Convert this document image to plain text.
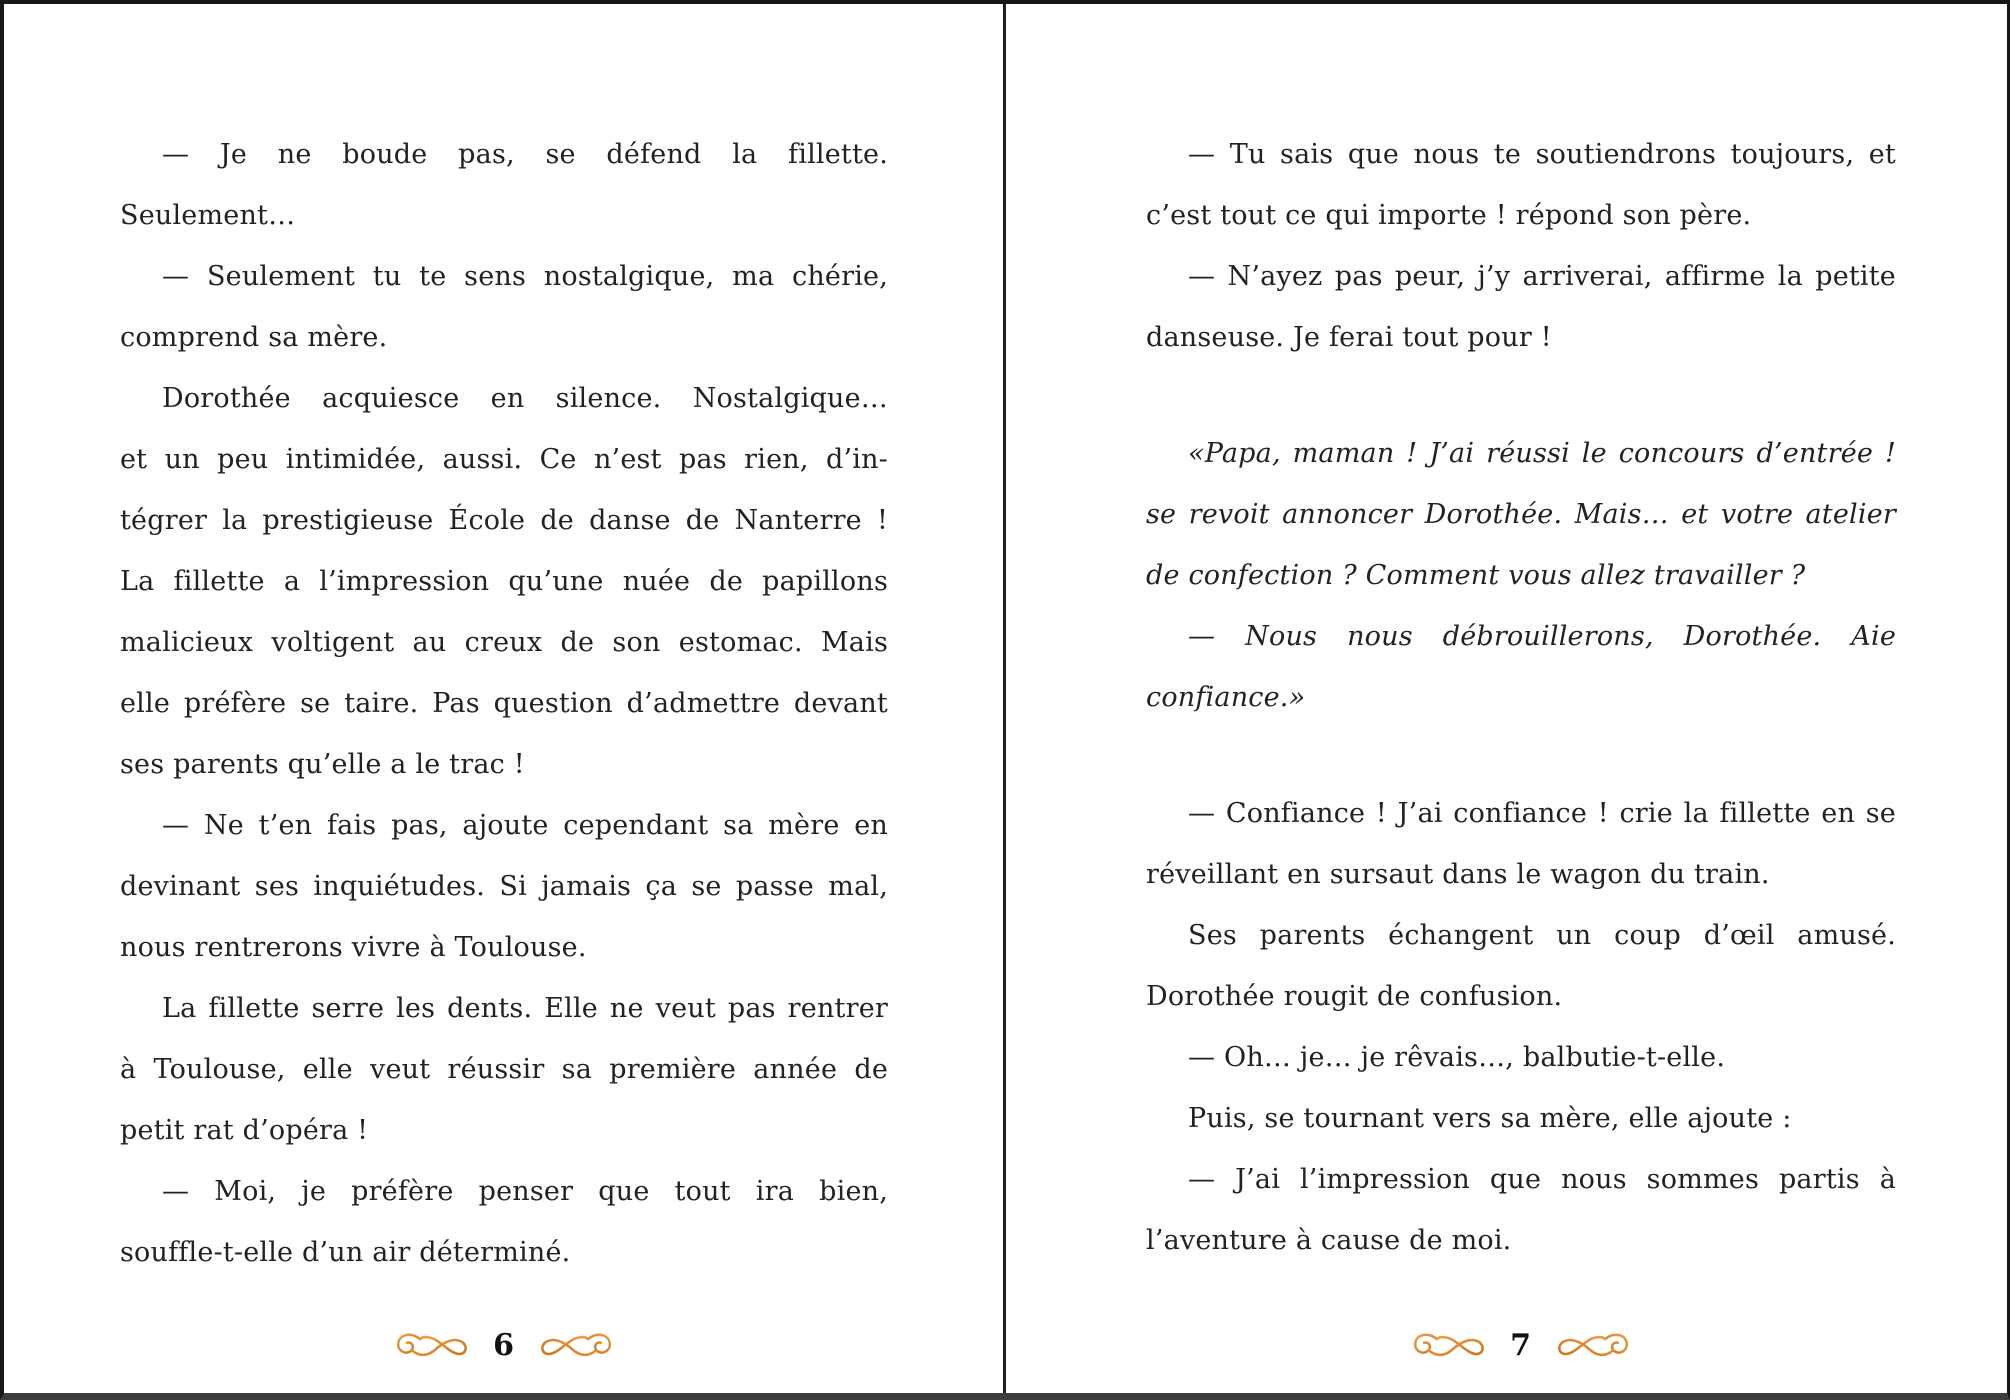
— Je ne boude pas, se défend la fillette.
Seulement…
— Seulement tu te sens nostalgique, ma chérie,
comprend sa mère.
Dorothée acquiesce en silence. Nostalgique…
et un peu intimidée, aussi. Ce n’est pas rien, d’in-
tégrer la prestigieuse École de danse de Nanterre !
La fillette a l’impression qu’une nuée de papillons
malicieux voltigent au creux de son estomac. Mais
elle préfère se taire. Pas question d’admettre devant
ses parents qu’elle a le trac !
— Ne t’en fais pas, ajoute cependant sa mère en
devinant ses inquiétudes. Si jamais ça se passe mal,
nous rentrerons vivre à Toulouse.
La fillette serre les dents. Elle ne veut pas rentrer
à Toulouse, elle veut réussir sa première année de
petit rat d’opéra !
— Moi, je préfère penser que tout ira bien,
souffle-t-elle d’un air déterminé.
— Tu sais que nous te soutiendrons toujours, et
c’est tout ce qui importe ! répond son père.
— N’ayez pas peur, j’y arriverai, affirme la petite
danseuse. Je ferai tout pour !
«Papa, maman ! J’ai réussi le concours d’entrée !
se revoit annoncer Dorothée. Mais… et votre atelier
de confection ? Comment vous allez travailler ?
— Nous nous débrouillerons, Dorothée. Aie
confiance.»
— Confiance ! J’ai confiance ! crie la fillette en se
réveillant en sursaut dans le wagon du train.
Ses parents échangent un coup d’œil amusé.
Dorothée rougit de confusion.
— Oh… je… je rêvais…, balbutie-t-elle.
Puis, se tournant vers sa mère, elle ajoute :
— J’ai l’impression que nous sommes partis à
l’aventure à cause de moi.
6	7
